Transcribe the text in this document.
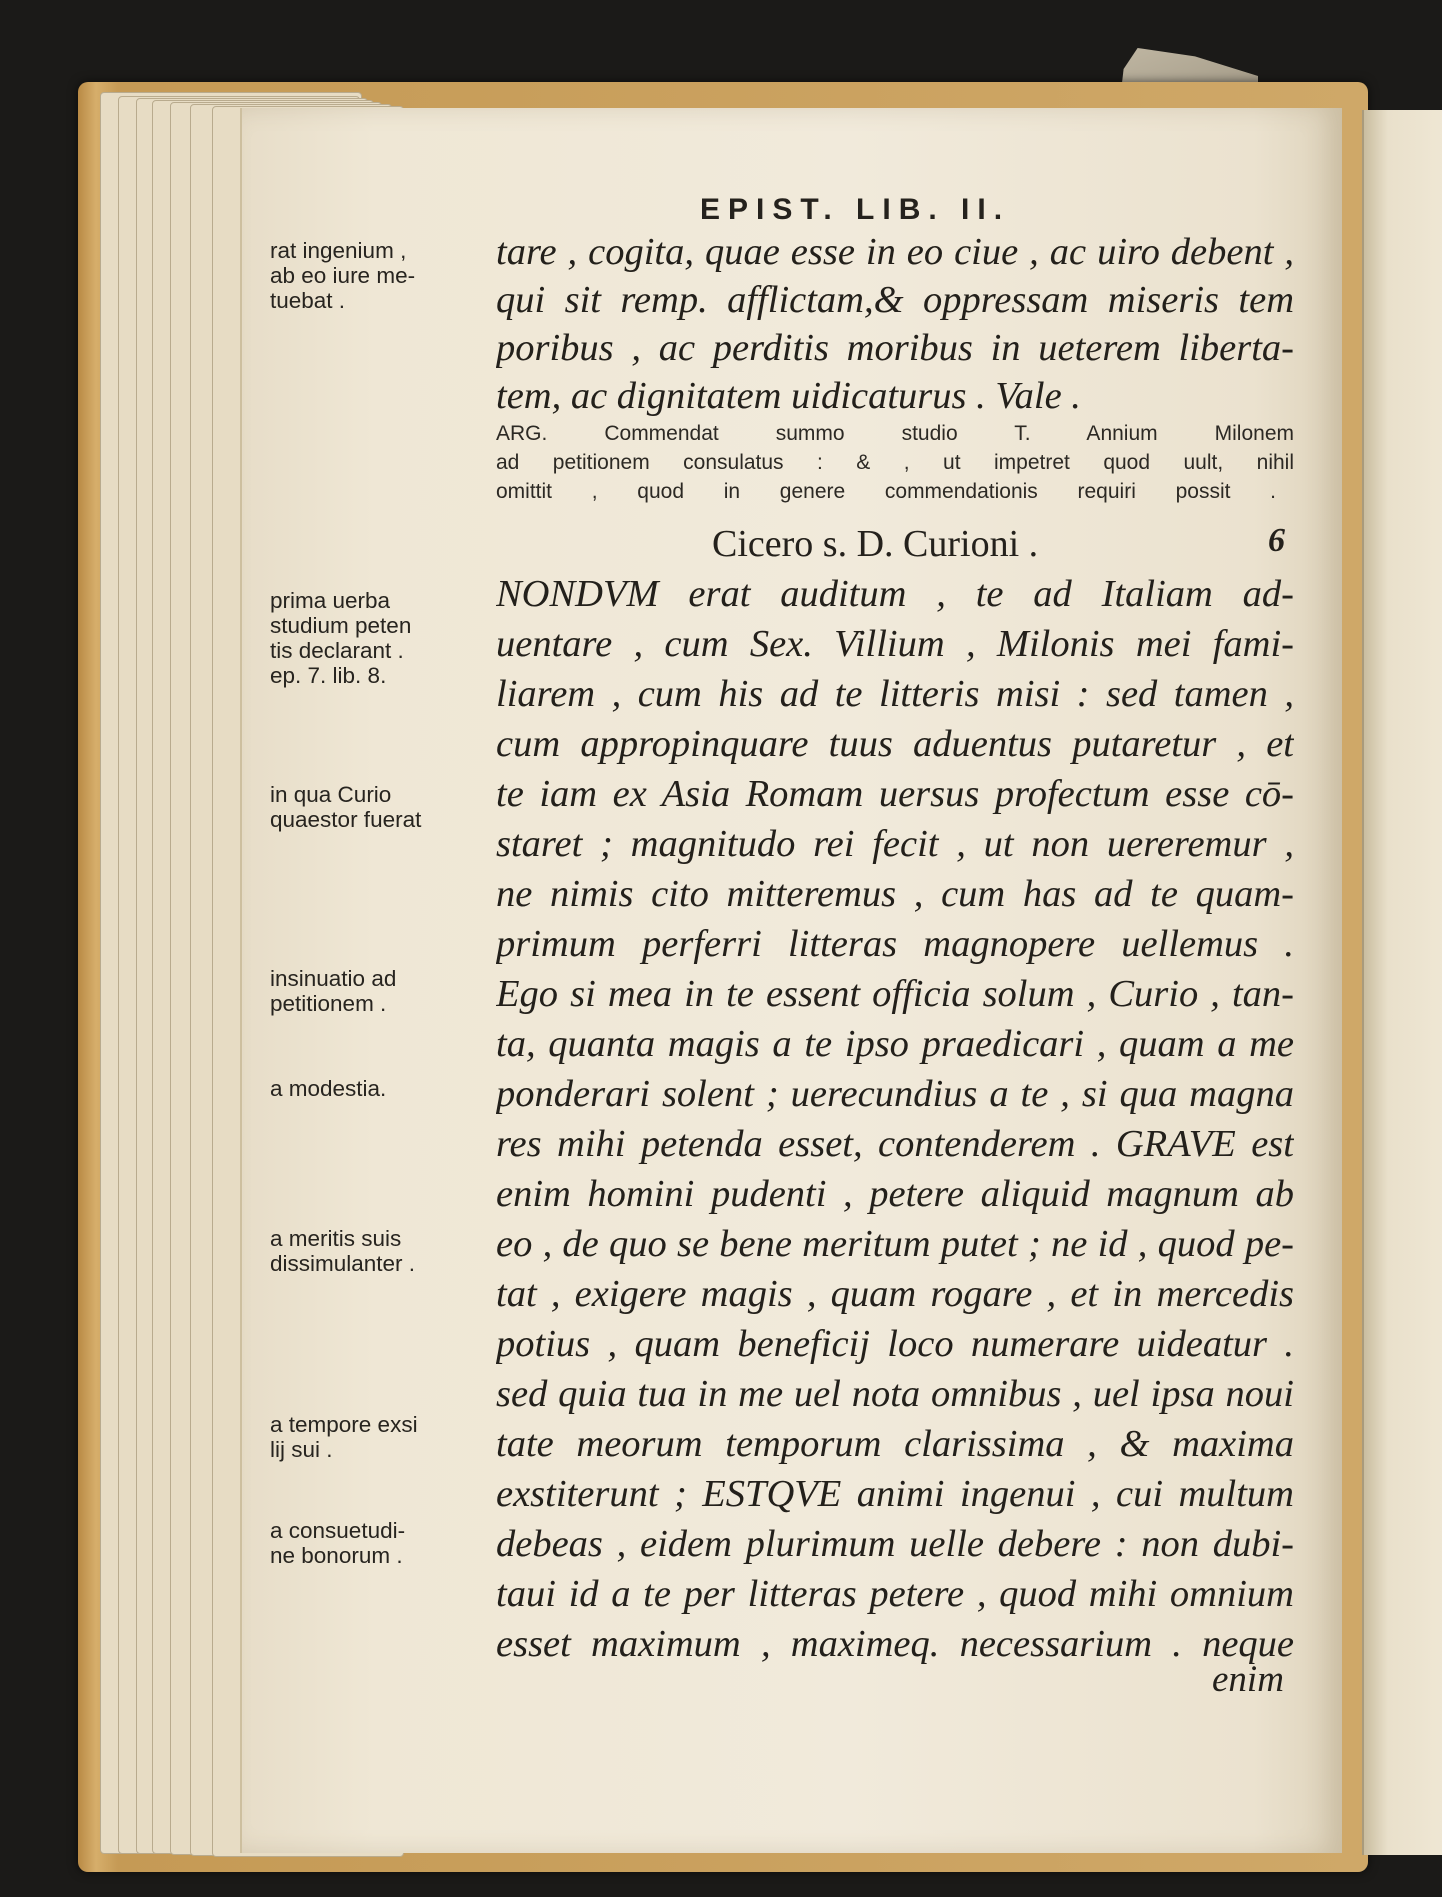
EPIST. LIB. II.
tare , cogita, quae esse in eo ciue , ac uiro debent ,
qui sit remp. afflictam,& oppressam miseris tem
poribus , ac perditis moribus in ueterem liberta-
tem, ac dignitatem uidicaturus . Vale .
ARG. Commendat summo studio T. Annium Milonem
ad petitionem consulatus : & , ut impetret quod uult, nihil
omittit , quod in genere commendationis requiri possit .
Cicero s. D. Curioni .	6
NONDVM erat auditum , te ad Italiam ad-
uentare , cum Sex. Villium , Milonis mei fami-
liarem , cum his ad te litteris misi : sed tamen ,
cum appropinquare tuus aduentus putaretur , et
te iam ex Asia Romam uersus profectum esse cō-
staret ; magnitudo rei fecit , ut non uereremur ,
ne nimis cito mitteremus , cum has ad te quam-
primum perferri litteras magnopere uellemus .
Ego si mea in te essent officia solum , Curio , tan-
ta, quanta magis a te ipso praedicari , quam a me
ponderari solent ; uerecundius a te , si qua magna
res mihi petenda esset, contenderem . GRAVE est
enim homini pudenti , petere aliquid magnum ab
eo , de quo se bene meritum putet ; ne id , quod pe-
tat , exigere magis , quam rogare , et in mercedis
potius , quam beneficij loco numerare uideatur .
sed quia tua in me uel nota omnibus , uel ipsa noui
tate meorum temporum clarissima , & maxima
exstiterunt ; ESTQVE animi ingenui , cui multum
debeas , eidem plurimum uelle debere : non dubi-
taui id a te per litteras petere , quod mihi omnium
esset maximum , maximeq. necessarium . neque
enim
rat ingenium ,
ab eo iure me-
tuebat .
prima uerba
studium peten
tis declarant .
ep. 7. lib. 8.
in qua Curio
quaestor fuerat
insinuatio ad
petitionem .
a modestia.
a meritis suis
dissimulanter .
a tempore exsi
lij sui .
a consuetudi-
ne bonorum .
